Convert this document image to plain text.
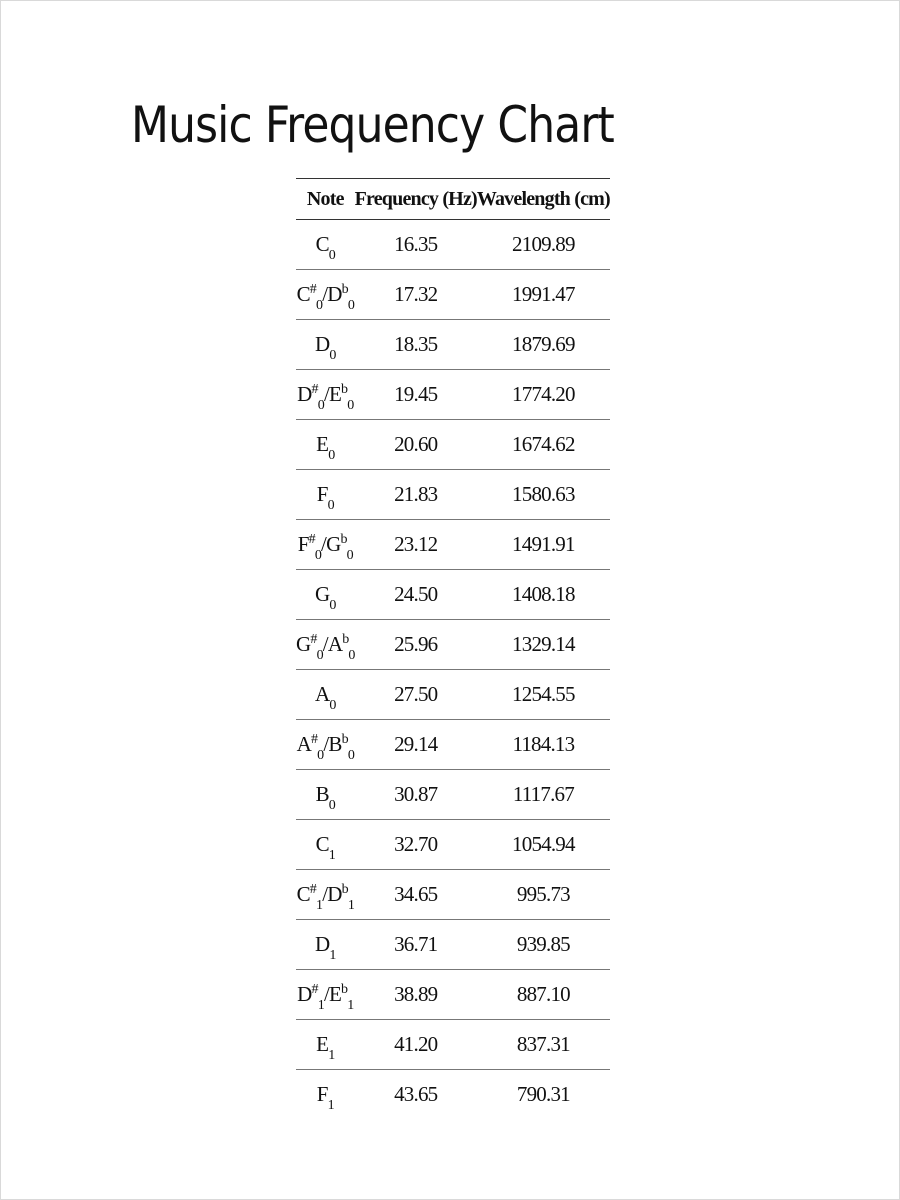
Music Frequency Chart
Note	Frequency (Hz)	Wavelength (cm)
$C_0$	16.35	2109.89
$C^{\#}_0/D^b_0$	17.32	1991.47
$D_0$	18.35	1879.69
$D^{\#}_0/E^b_0$	19.45	1774.20
$E_0$	20.60	1674.62
$F_0$	21.83	1580.63
$F^{\#}_0/G^b_0$	23.12	1491.91
$G_0$	24.50	1408.18
$G^{\#}_0/A^b_0$	25.96	1329.14
$A_0$	27.50	1254.55
$A^{\#}_0/B^b_0$	29.14	1184.13
$B_0$	30.87	1117.67
$C_1$	32.70	1054.94
$C^{\#}_1/D^b_1$	34.65	995.73
$D_1$	36.71	939.85
$D^{\#}_1/E^b_1$	38.89	887.10
$E_1$	41.20	837.31
$F_1$	43.65	790.31
